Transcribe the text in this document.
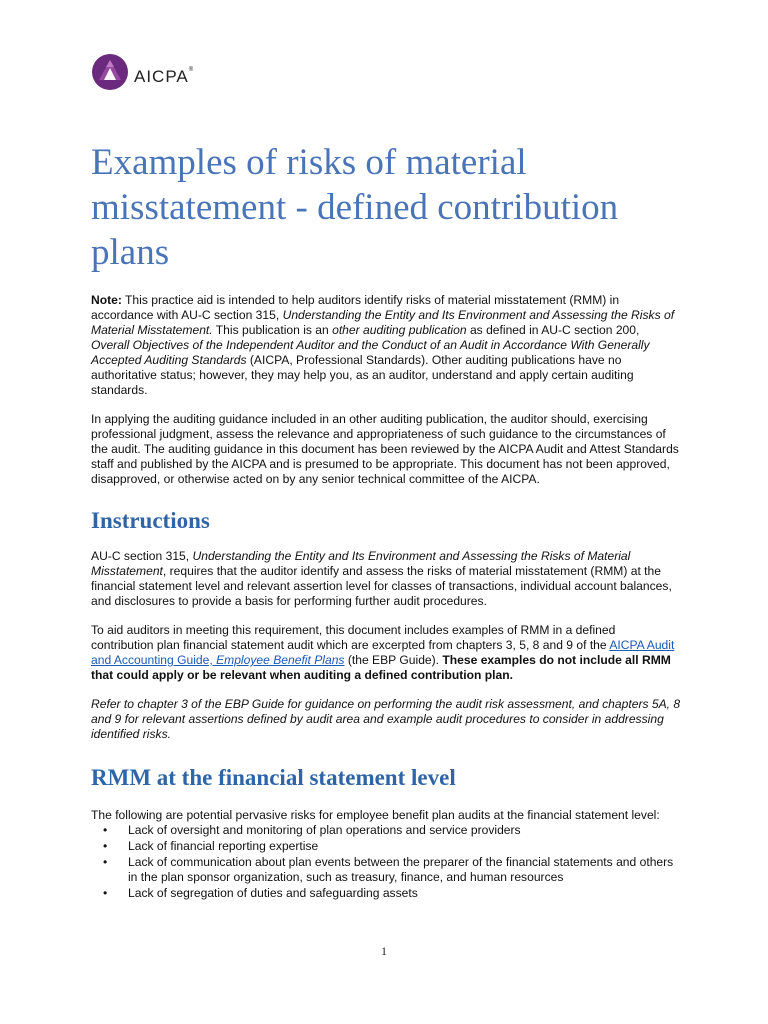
AICPA®
Examples of risks of material misstatement - defined contribution plans

Note: This practice aid is intended to help auditors identify risks of material misstatement (RMM) in accordance with AU-C section 315, Understanding the Entity and Its Environment and Assessing the Risks of Material Misstatement. This publication is an other auditing publication as defined in AU-C section 200, Overall Objectives of the Independent Auditor and the Conduct of an Audit in Accordance With Generally Accepted Auditing Standards (AICPA, Professional Standards). Other auditing publications have no authoritative status; however, they may help you, as an auditor, understand and apply certain auditing standards.

In applying the auditing guidance included in an other auditing publication, the auditor should, exercising professional judgment, assess the relevance and appropriateness of such guidance to the circumstances of the audit. The auditing guidance in this document has been reviewed by the AICPA Audit and Attest Standards staff and published by the AICPA and is presumed to be appropriate. This document has not been approved, disapproved, or otherwise acted on by any senior technical committee of the AICPA.

Instructions

AU-C section 315, Understanding the Entity and Its Environment and Assessing the Risks of Material Misstatement, requires that the auditor identify and assess the risks of material misstatement (RMM) at the financial statement level and relevant assertion level for classes of transactions, individual account balances, and disclosures to provide a basis for performing further audit procedures.

To aid auditors in meeting this requirement, this document includes examples of RMM in a defined contribution plan financial statement audit which are excerpted from chapters 3, 5, 8 and 9 of the AICPA Audit and Accounting Guide, Employee Benefit Plans (the EBP Guide). These examples do not include all RMM that could apply or be relevant when auditing a defined contribution plan.

Refer to chapter 3 of the EBP Guide for guidance on performing the audit risk assessment, and chapters 5A, 8 and 9 for relevant assertions defined by audit area and example audit procedures to consider in addressing identified risks.

RMM at the financial statement level

The following are potential pervasive risks for employee benefit plan audits at the financial statement level:

• Lack of oversight and monitoring of plan operations and service providers
• Lack of financial reporting expertise
• Lack of communication about plan events between the preparer of the financial statements and others in the plan sponsor organization, such as treasury, finance, and human resources
• Lack of segregation of duties and safeguarding assets
1
